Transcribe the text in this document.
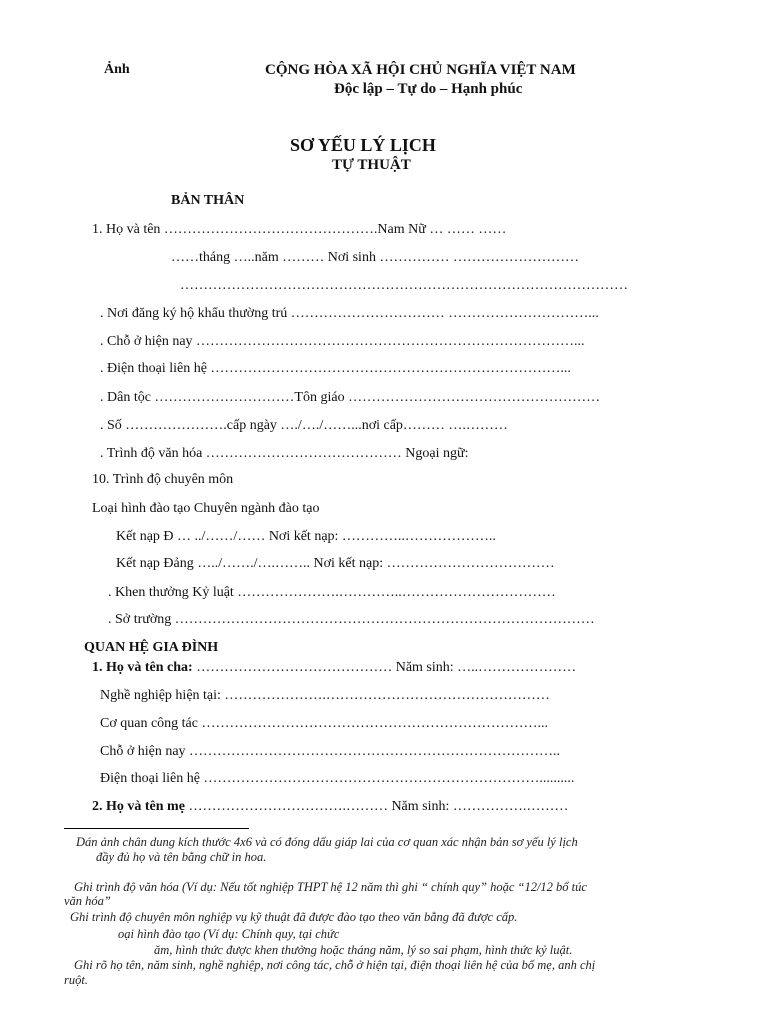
Ảnh	CỘNG HÒA XÃ HỘI CHỦ NGHĨA VIỆT NAM
Độc lập – Tự do – Hạnh phúc
SƠ YẾU LÝ LỊCH
TỰ THUẬT
BẢN THÂN
1. Họ và tên ……………………………………….Nam Nữ … …… ……
……tháng …..năm ……… Nơi sinh …………… ………………………
……………………………………………………………………………………
. Nơi đăng ký hộ khẩu thường trú …………………………… …………………………...
. Chỗ ở hiện nay ………………………………………………………………………...
. Điện thoại liên hệ …………………………………………………………………...
. Dân tộc …………………………Tôn giáo ………………………………………………
. Số ………………….cấp ngày …./…./……...nơi cấp……… ….………
. Trình độ văn hóa …………………………………… Ngoại ngữ:
10. Trình độ chuyên môn
Loại hình đào tạo Chuyên ngành đào tạo
Kết nạp Đ … ../……/…… Nơi kết nạp: …………..………………..
Kết nạp Đảng …../……./….…….. Nơi kết nạp: ………………………………
. Khen thưởng Kỷ luật ………………….…………..……………………………
. Sở trường ………………………………………………………………………………
QUAN HỆ GIA ĐÌNH
1. Họ và tên cha: …………………………………… Năm sinh: …..…………………
Nghề nghiệp hiện tại: ………………….…………………………………………
Cơ quan công tác ………………………………………………………………...
Chỗ ở hiện nay ……………………………………………………………………..
Điện thoại liên hệ ………………………………………………………………..........
2. Họ và tên mẹ …………………………….……… Năm sinh: …………….………
Dán ảnh chân dung kích thước 4x6 và có đóng dấu giáp lai của cơ quan xác nhận bản sơ yếu lý lịch
đầy đủ họ và tên bằng chữ in hoa.
Ghi trình độ văn hóa (Ví dụ: Nếu tốt nghiệp THPT hệ 12 năm thì ghi “ chính quy” hoặc “12/12 bổ túc
văn hóa”
Ghi trình độ chuyên môn nghiệp vụ kỹ thuật đã được đào tạo theo văn bằng đã được cấp.
oại hình đào tạo (Ví dụ: Chính quy, tại chức
ăm, hình thức được khen thưởng hoặc tháng năm, lý so sai phạm, hình thức kỷ luật.
Ghi rõ họ tên, năm sinh, nghề nghiệp, nơi công tác, chỗ ở hiện tại, điện thoại liên hệ của bố mẹ, anh chị
ruột.
